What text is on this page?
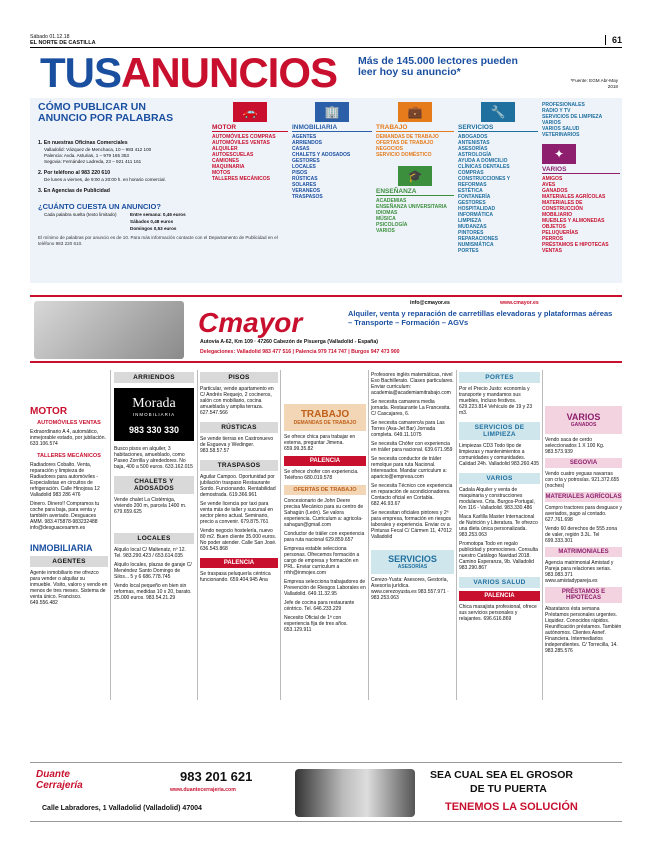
Sábado 01.12.18
EL NORTE DE CASTILLA	61
TUSANUNCIOS Más de 145.000 lectores pueden leer hoy su anuncio*
*Fuente: EGM Abr-May 2018
CÓMO PUBLICAR UN ANUNCIO POR PALABRAS
1. En nuestras Oficinas Comerciales
Valladolid: Vázquez de Menchaca, 10 – 983 412 100
Palencia: Avda. Asturias, 1 – 979 165 353
Segovia: Fernández Ladreda, 23 – 921 411 161
2. Por teléfono al 983 220 610
De lunes a viernes, de 9:00 a 20:00 h. en horario comercial.
3. En Agencias de Publicidad
¿CUÁNTO CUESTA UN ANUNCIO?
Cada palabra suelta (texto limitado)	Entre semana: 0,46 euros
Sábados 0,48 euros
Domingos 0,53 euros
El mínimo de palabras por anuncio es de 10. Para más información contacte con el Departamento de Publicidad en el teléfono 983 220 610.
🚗
MOTOR
AUTOMÓVILES COMPRAS
AUTOMÓVILES VENTAS
ALQUILER
AUTOESCUELAS
CAMIONES
MAQUINARIA
MOTOS
TALLERES MECÁNICOS
🏢
INMOBILIARIA
AGENTES
ARRIENDOS
CASAS
CHALETS Y ADOSADOS
GESTORES
LOCALES
PISOS
RÚSTICAS
SOLARES
VERANEOS
TRASPASOS
💼
TRABAJO
DEMANDAS DE TRABAJO
OFERTAS DE TRABAJO
NEGOCIOS
SERVICIO DOMÉSTICO
🎓
ENSEÑANZA
ACADEMIAS
ENSEÑANZA UNIVERSITARIA
IDIOMAS
MÚSICA
PSICOLOGÍA
VARIOS
🔧
SERVICIOS
ABOGADOS
ANTENISTAS
ASESORÍAS
ASTROLOGÍA
AYUDA A DOMICILIO
CLÍNICAS DENTALES
COMPRAS
CONSTRUCCIONES Y REFORMAS
ESTÉTICA
FONTANERÍA
GESTORES
HOSPITALIDAD
INFORMÁTICA
LIMPIEZA
MUDANZAS
PINTORES
REPARACIONES
NUMISMÁTICA
PORTES
PROFESIONALES
RADIO Y TV
SERVICIOS DE LIMPIEZA
VARIOS
VARIOS SALUD
VETERINARIOS
✦
VARIOS
AMIGOS
AVES
GANADOS
MATERIALES AGRÍCOLAS
MATERIALES DE CONSTRUCCIÓN
MOBILIARIO
MUEBLES Y ALMONEDAS
OBJETOS
PELUQUERÍAS
PERROS
PRÉSTAMOS E HIPOTECAS
VENTAS
Cmayor
info@cmayor.es	www.cmayor.es
Alquiler, venta y reparación de carretillas elevadoras y plataformas aéreas – Transporte – Formación – AGVs
Autovía A-62, Km 109 · 47260 Cabezón de Pisuerga (Valladolid - España)
Delegaciones: Valladolid 983 477 516 | Palencia 979 714 747 | Burgos 947 473 900
MOTOR
AUTOMÓVILES VENTAS

Extraordinario A 4, automático, inmejorable estado, por jubilación. 633.106.574

TALLERES MECÁNICOS

Radiadores Cobalto. Venta, reparación y limpieza de Radiadores para automóviles - Especialistas en circuitos de refrigeración. Calle Hinojosa 12 Valladolid 983 286 476

Dinero. Dinero!! Compramos tu coche para baja, para venta y también averiado. Desguaces AMM. 983.475878-983232488 info@desguacesamm.es

INMOBILIARIA
AGENTES

Agente inmobiliario me ofrezco para vender o alquilar su inmueble. Visito, valoro y vendo en menos de tres meses. Sistema de venta único. Francisco. 649.556.482

ARRIENDOS
Morada
INMOBILIARIA
983 330 330

Busco pisos en alquiler, 3 habitaciones, amueblado, como Paseo Zorrilla y alrededores. No baja, 400 a 500 euros. 633.162.015

CHALETS Y ADOSADOS

Vende chalet La Cistérniga, viviendo 200 m, parcela 1400 m. 679.659.625

LOCALES

Alquilo local C/ Maltenatz, nº 12. Tel. 983.290.423 / 653.614.035

Alquilo locales, plazas de garaje C/ Menéndez Santo Domingo de Silos... 5 y 6 686.778.745

Vendo local pequeño en bien sin reformas, medidas 10 x 20, barato. 25.000 euros. 983.54.21.29

PISOS

Particular, vende apartamento en C/ Andrés Requejo, 2 cocineros, salón con mobiliario, cocina amueblada y amplia terraza. 627.547.566

RÚSTICAS

Se vende tierras en Castronuevo de Esgueva y Wedinger. 983.58.57.57

TRASPASOS

Aguilar Campoo. Oportunidad por jubilación traspaso Restaurante Sordo. Funcionando. Rentabilidad demostrada. 619.366.961

Se vende licencia por taxi para venta más de taller y sucursal en sector pleno actual. Seminario, precio a convenir. 679.875.761

Vendo negocio hostelería, nuevo 80 m2. Buen cliente 35.000 euros. No poder atender. Calle San José. 636.543.868

PALENCIA

Se traspasa peluquería céntrica funcionando. 659.404.945 Ana

TRABAJO
DEMANDAS DE TRABAJO

Se ofrece chica para trabajar en externa, preguntar Jimena. 659.99.35.82

PALENCIA

Se ofrece chofer con experiencia. Teléfono 680.019.578

OFERTAS DE TRABAJO

Concesionario de John Deere precisa Mecánico para su centro de Sahagún (León). Se valora experiencia. Curriculum a: agricola-sahagun@gmail.com

Conductor de tráiler con experiencia para ruta nacional 629.859.657

Empresa estable selecciona personas. Ofrecemos formación a cargo de empresa y formación en PRL. Enviar curriculum a rrhh@inmojex.com

Empresa selecciona trabajadores de Prevención de Riesgos Laborales en Valladolid. 649.11.32.95

Jefe de cocina para restaurante céntrico. Tel. 646.233.229

Necesito Oficial de 1ª con experiencia fija de tres años. 653.129.911

Profesores inglés matemáticas, nivel Eso Bachillerato. Clases particulares. Enviar curriculum: academia@academiamitrabajo.com

Se necesita camarera media jornada. Restaurante La Francesita. C/ Cascajares, 6.

Se necesita camarero/a para Las Torres (Asa-Jet Bar) Jornada completa. 649.11.1075

Se necesita Chófer con experiencia en tráiler para nacional. 639.671.959

Se necesita conductor de tráiler remolque para ruta Nacional. Interesados. Mandar curriculum a: aparicio@empresa.com

Se necesita Técnico con experiencia en reparación de acondicionadores. Contacto oficial en Cortabla. 682.46.93.67

Se necesitan oficiales pintores y 2ª para empresa, formación en riesgos laborales y experiencia. Enviar cv a Pinturas Fecal C/ Cármen 11, 47012 Valladolid

SERVICIOS
ASESORÍAS

Cerezo-Yusta: Asesores, Gestoría, Asesoría jurídica. www.cerezoyusta.es 983.557.971 · 983.253.063

PORTES

Por el Precio Justo: economía y transporte y mandamos sus muebles, Incluso festivos. 629.223.814 Vehículo de 19 y 23 m3.

SERVICIOS DE LIMPIEZA

Limpiezas CD3 Todo tipo de limpiezas y mantenimientos a comunidades y comunidades. Calidad 24h. Valladolid 983.260.435

VARIOS

Cadala Alquiler y venta de maquinaria y construcciones modulares. Crta. Burgos-Portugal, Km 116 - Valladolid. 983.330.486

Maca Karlilla Master Internacional de Nutrición y Literatura. Te ofrezco una dieta única personalizada. 983.253.063

Promotopa Todo en regalo publicidad y promociones. Consulta nuestro Catálogo Navidad 2018. Camino Esperanza, 9b. Valladolid 983.290.867

VARIOS SALUD
PALENCIA

Chica masajista profesional, ofrece sus servicios personales y relajantes. 696.616.869

VARIOS
GANADOS

Vendo saca de cerdo seleccionados 1 X 100 Kg. 983.573.939

SEGOVIA

Vendo cuatro yeguas navarras con cría y potros/as. 921.372.655 (noches)

MATERIALES AGRÍCOLAS

Compro tractores para desguace y averiados, pago al contado. 627.761.698

Vendo 60 derechos de 555 zona de valer, región 3.3L. Tel 699.333.301

MATRIMONIALES

Agencia matrimonial Amistad y Pareja para relaciones serias. 983.083.371 www.amistadypareja.es

PRÉSTAMOS E HIPOTECAS

Abarataros ésta semana Préstamos personales urgentes. Liquidez. Conocidos rápidos. Reunificación préstamos. También autónomos. Clientes Asnef. Financiera. Intermediarios independientes. C/ Torrecilla, 14. 983.285.576

Duante Cerrajería
983 201 621
www.duantecerrajeria.com
Calle Labradores, 1 Valladolid (Valladolid) 47004
SEA CUAL SEA EL GROSOR
DE TU PUERTA
TENEMOS LA SOLUCIÓN
